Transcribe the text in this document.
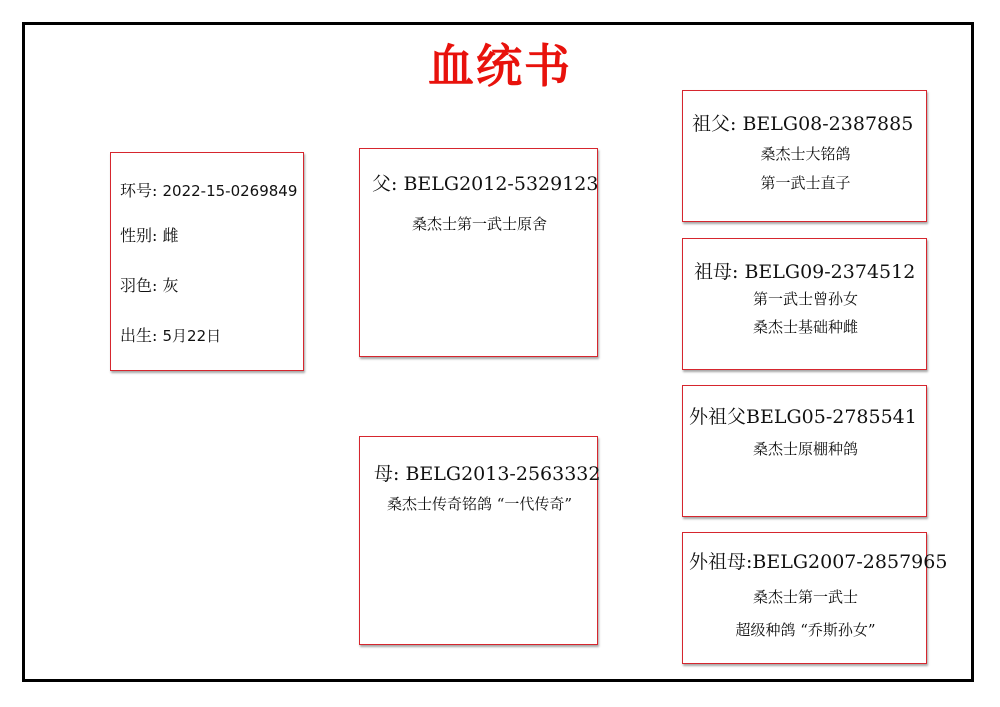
血统书
环号: 2022-15-0269849
性别: 雌
羽色: 灰
出生: 5月22日
父: BELG2012-5329123
桑杰士第一武士原舍
母: BELG2013-2563332
桑杰士传奇铭鸽 “一代传奇”
祖父: BELG08-2387885
桑杰士大铭鸽
第一武士直子
祖母: BELG09-2374512
第一武士曾孙女
桑杰士基础种雌
外祖父BELG05-2785541
桑杰士原棚种鸽
外祖母:BELG2007-2857965
桑杰士第一武士
超级种鸽 “乔斯孙女”
